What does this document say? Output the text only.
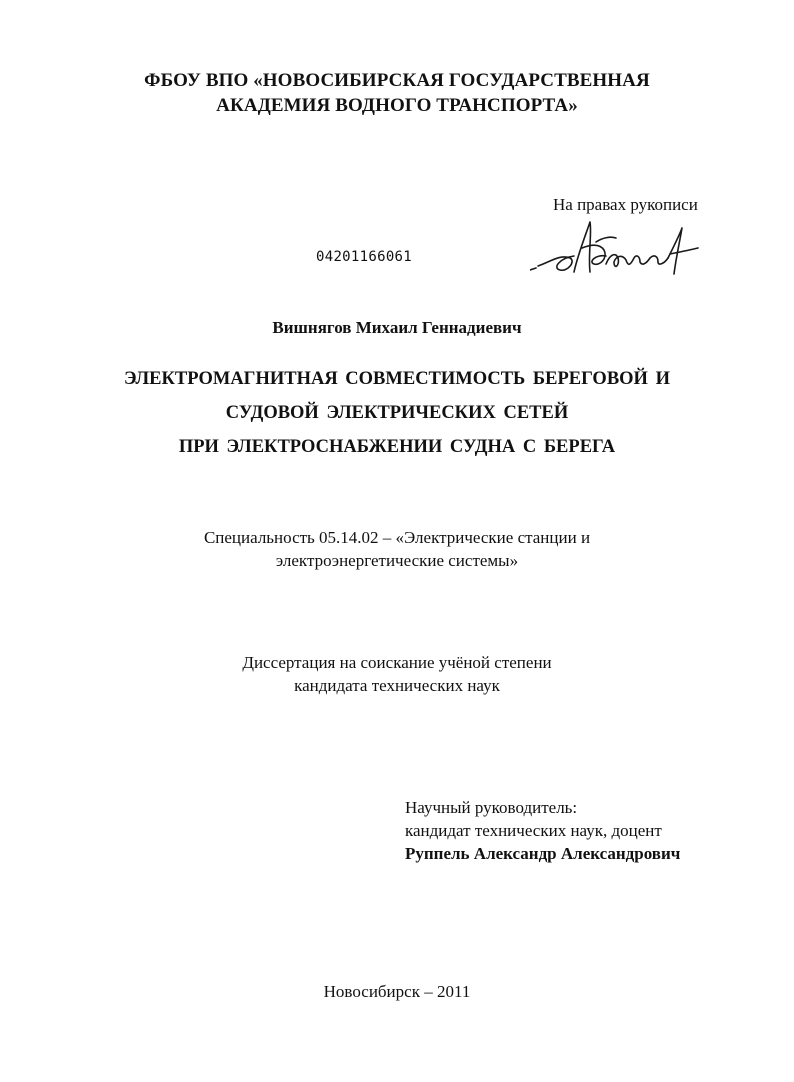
ФБОУ ВПО «НОВОСИБИРСКАЯ ГОСУДАРСТВЕННАЯ
АКАДЕМИЯ ВОДНОГО ТРАНСПОРТА»
На правах рукописи
04201166061
Вишнягов Михаил Геннадиевич
ЭЛЕКТРОМАГНИТНАЯ СОВМЕСТИМОСТЬ БЕРЕГОВОЙ И
СУДОВОЙ ЭЛЕКТРИЧЕСКИХ СЕТЕЙ
ПРИ ЭЛЕКТРОСНАБЖЕНИИ СУДНА С БЕРЕГА
Специальность 05.14.02 – «Электрические станции и
электроэнергетические системы»
Диссертация на соискание учёной степени
кандидата технических наук
Научный руководитель:
кандидат технических наук, доцент
Руппель Александр Александрович
Новосибирск – 2011
